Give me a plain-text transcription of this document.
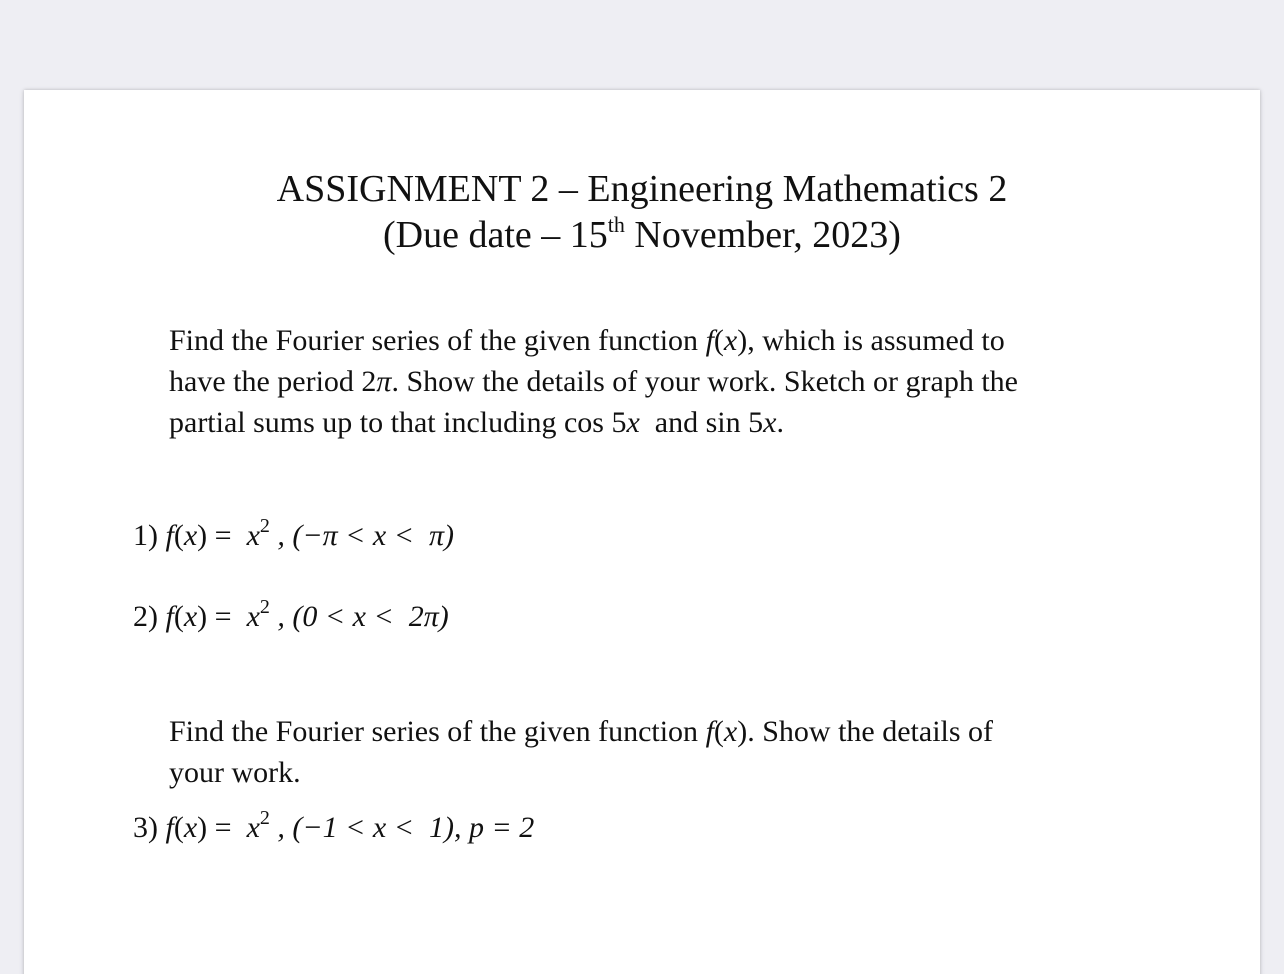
ASSIGNMENT 2 – Engineering Mathematics 2
(Due date – 15th November, 2023)
Find the Fourier series of the given function f(x), which is assumed to
have the period 2π. Show the details of your work. Sketch or graph the
partial sums up to that including cos 5x  and sin 5x.
1) $f(x) = x^2$ , (−π < x <  π)
2) $f(x) = x^2$ , (0 < x <  2π)
Find the Fourier series of the given function f(x). Show the details of
your work.
3) $f(x) = x^2$ , (−1 < x <  1), p = 2
